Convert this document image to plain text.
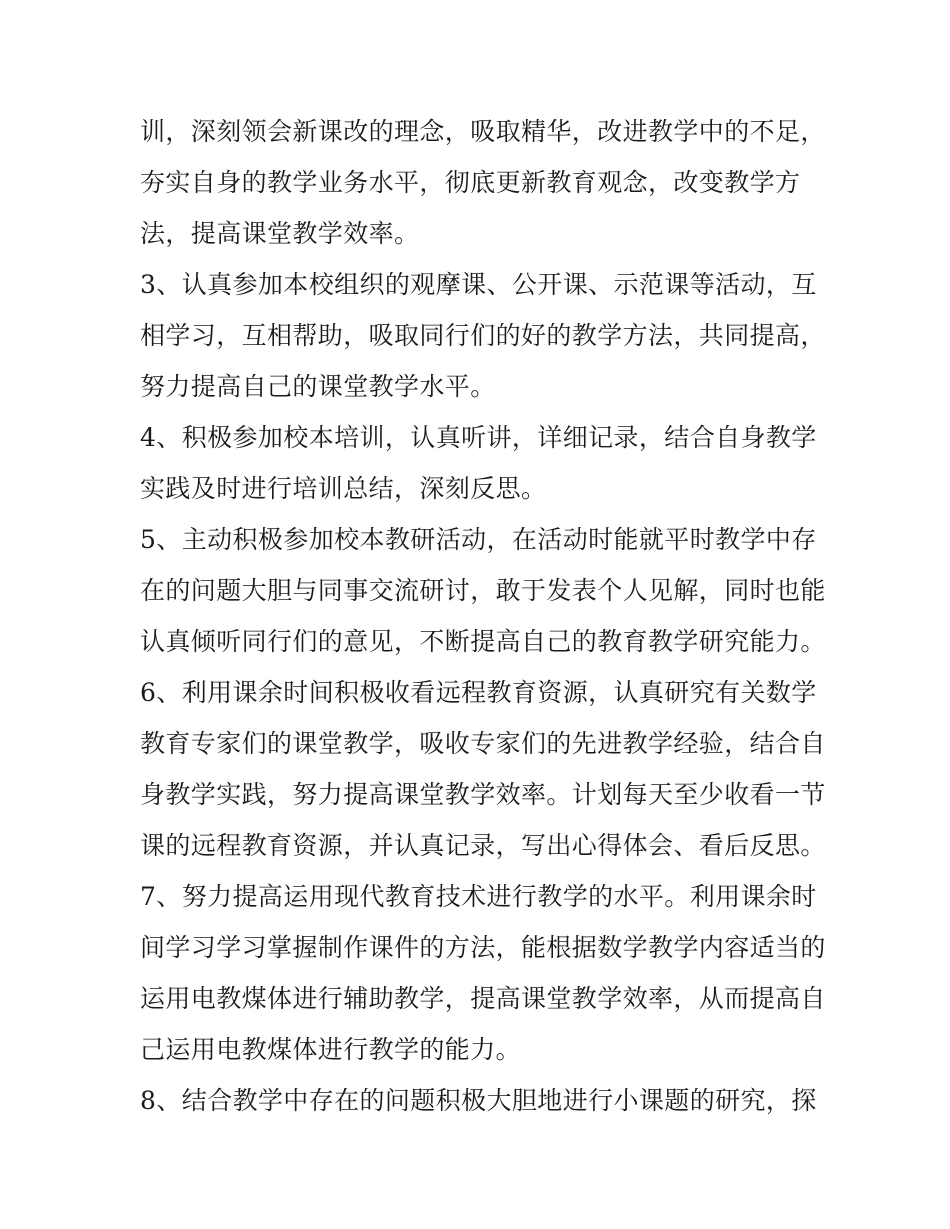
训，深刻领会新课改的理念，吸取精华，改进教学中的不足，
夯实自身的教学业务水平，彻底更新教育观念，改变教学方
法，提高课堂教学效率。
3、认真参加本校组织的观摩课、公开课、示范课等活动，互
相学习，互相帮助，吸取同行们的好的教学方法，共同提高，
努力提高自己的课堂教学水平。
4、积极参加校本培训，认真听讲，详细记录，结合自身教学
实践及时进行培训总结，深刻反思。
5、主动积极参加校本教研活动，在活动时能就平时教学中存
在的问题大胆与同事交流研讨，敢于发表个人见解，同时也能
认真倾听同行们的意见，不断提高自己的教育教学研究能力。
6、利用课余时间积极收看远程教育资源，认真研究有关数学
教育专家们的课堂教学，吸收专家们的先进教学经验，结合自
身教学实践，努力提高课堂教学效率。计划每天至少收看一节
课的远程教育资源，并认真记录，写出心得体会、看后反思。
7、努力提高运用现代教育技术进行教学的水平。利用课余时
间学习学习掌握制作课件的方法，能根据数学教学内容适当的
运用电教煤体进行辅助教学，提高课堂教学效率，从而提高自
己运用电教煤体进行教学的能力。
8、结合教学中存在的问题积极大胆地进行小课题的研究，探
